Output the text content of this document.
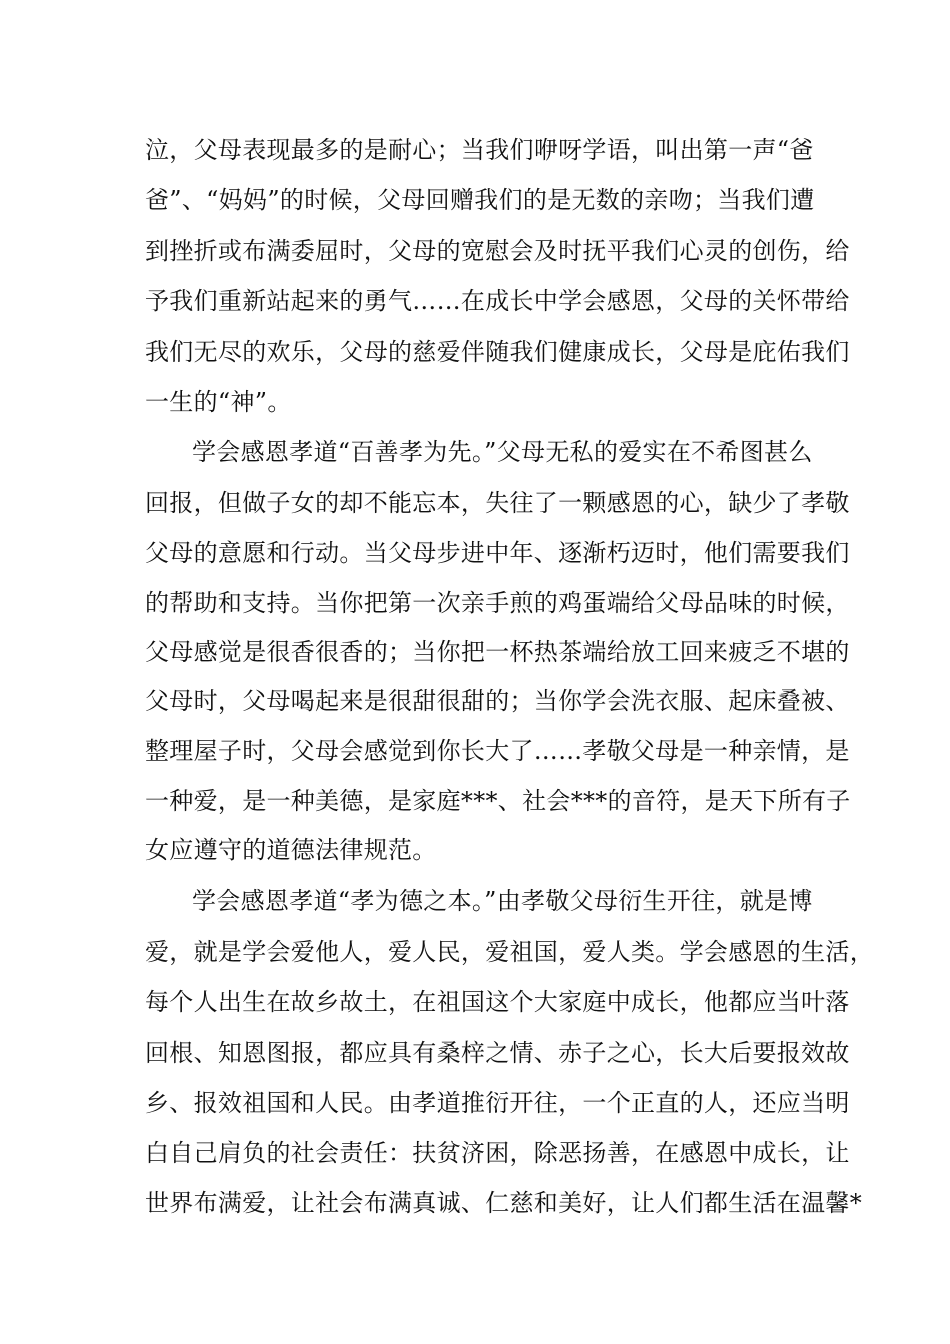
泣，父母表现最多的是耐心；当我们咿呀学语，叫出第一声“爸
爸”、“妈妈”的时候，父母回赠我们的是无数的亲吻；当我们遭
到挫折或布满委屈时，父母的宽慰会及时抚平我们心灵的创伤，给
予我们重新站起来的勇气……在成长中学会感恩，父母的关怀带给
我们无尽的欢乐，父母的慈爱伴随我们健康成长，父母是庇佑我们
一生的“神”。
学会感恩孝道“百善孝为先。”父母无私的爱实在不希图甚么
回报，但做子女的却不能忘本，失往了一颗感恩的心，缺少了孝敬
父母的意愿和行动。当父母步进中年、逐渐朽迈时，他们需要我们
的帮助和支持。当你把第一次亲手煎的鸡蛋端给父母品味的时候，
父母感觉是很香很香的；当你把一杯热茶端给放工回来疲乏不堪的
父母时，父母喝起来是很甜很甜的；当你学会洗衣服、起床叠被、
整理屋子时，父母会感觉到你长大了……孝敬父母是一种亲情，是
一种爱，是一种美德，是家庭***、社会***的音符，是天下所有子
女应遵守的道德法律规范。
学会感恩孝道“孝为德之本。”由孝敬父母衍生开往，就是博
爱，就是学会爱他人，爱人民，爱祖国，爱人类。学会感恩的生活，
每个人出生在故乡故土，在祖国这个大家庭中成长，他都应当叶落
回根、知恩图报，都应具有桑梓之情、赤子之心，长大后要报效故
乡、报效祖国和人民。由孝道推衍开往，一个正直的人，还应当明
白自己肩负的社会责任：扶贫济困，除恶扬善，在感恩中成长，让
世界布满爱，让社会布满真诚、仁慈和美好，让人们都生活在温馨*
